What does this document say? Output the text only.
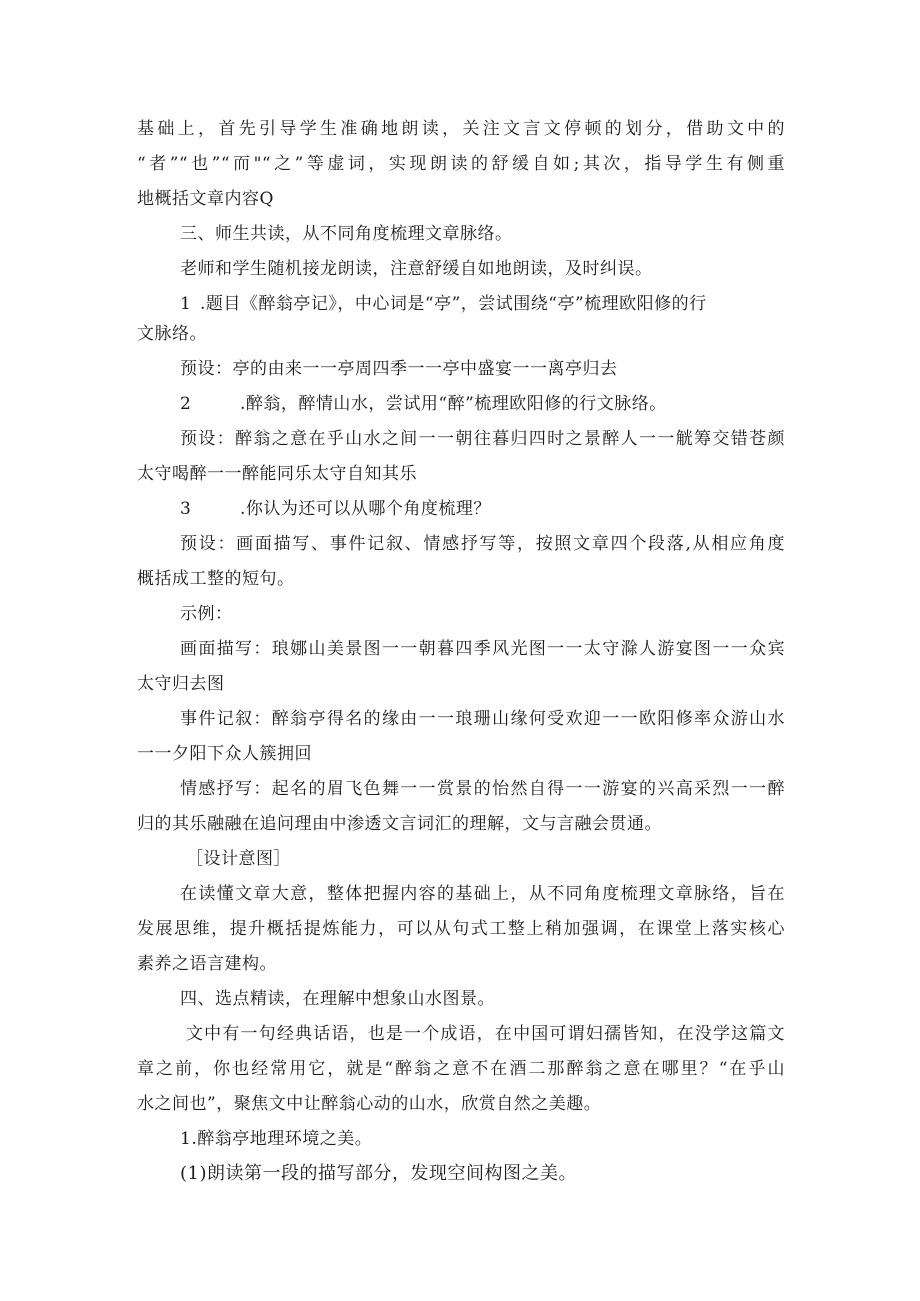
基础上，首先引导学生准确地朗读，关注文言文停顿的划分，借助文中的
“者”“也”“而"“之”等虚词，实现朗读的舒缓自如;其次，指导学生有侧重
地概括文章内容Q
三、师生共读，从不同角度梳理文章脉络。
老师和学生随机接龙朗读，注意舒缓自如地朗读，及时纠误。
1 .题目《醉翁亭记》，中心词是“亭”，尝试围绕“亭”梳理欧阳修的行
文脉络。
预设：亭的由来一一亭周四季一一亭中盛宴一一离亭归去
2	.醉翁，醉情山水，尝试用“醉”梳理欧阳修的行文脉络。
预设：醉翁之意在乎山水之间一一朝往暮归四时之景醉人一一觥筹交错苍颜
太守喝醉一一醉能同乐太守自知其乐
3	.你认为还可以从哪个角度梳理？
预设：画面描写、事件记叙、情感抒写等，按照文章四个段落,从相应角度
概括成工整的短句。
示例：
画面描写：琅娜山美景图一一朝暮四季风光图一一太守滁人游宴图一一众宾
太守归去图
事件记叙：醉翁亭得名的缘由一一琅珊山缘何受欢迎一一欧阳修率众游山水
一一夕阳下众人簇拥回
情感抒写：起名的眉飞色舞一一赏景的怡然自得一一游宴的兴高采烈一一醉
归的其乐融融在追问理由中渗透文言词汇的理解，文与言融会贯通。
［设计意图］
在读懂文章大意，整体把握内容的基础上，从不同角度梳理文章脉络，旨在
发展思维，提升概括提炼能力，可以从句式工整上稍加强调，在课堂上落实核心
素养之语言建构。
四、选点精读，在理解中想象山水图景。
文中有一句经典话语，也是一个成语，在中国可谓妇孺皆知，在没学这篇文
章之前，你也经常用它，就是“醉翁之意不在酒二那醉翁之意在哪里？“在乎山
水之间也”，聚焦文中让醉翁心动的山水，欣赏自然之美趣。
1.醉翁亭地理环境之美。
(1)朗读第一段的描写部分，发现空间构图之美。
